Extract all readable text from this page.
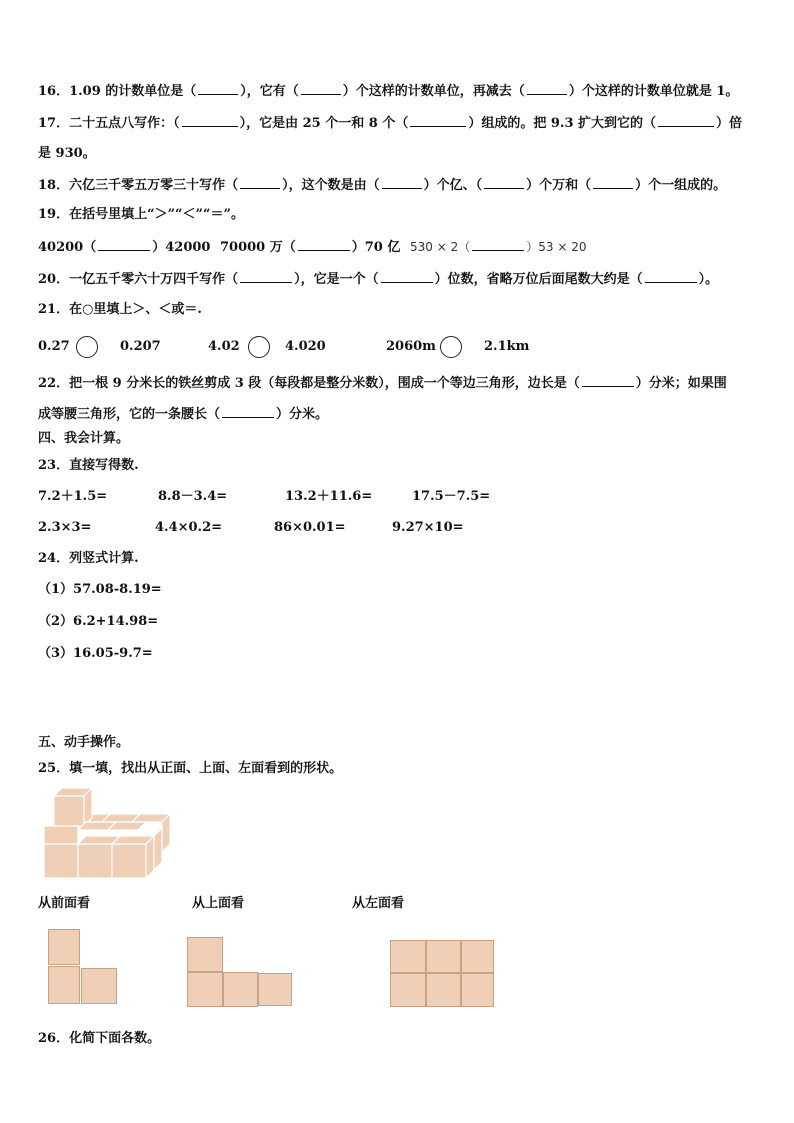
16．1.09 的计数单位是（	），它有（	）个这样的计数单位，再减去（	）个这样的计数单位就是 1。
17．二十五点八写作：（	），它是由 25 个一和 8 个（	）组成的。把 9.3 扩大到它的（	）倍
是 930。
18．六亿三千零五万零三十写作（	），这个数是由（	）个亿、（	）个万和（	）个一组成的。
19．在括号里填上“＞”“＜”“＝”。
40200（	）42000 70000 万（	）70 亿 530 × 2（	）53 × 20
20．一亿五千零六十万四千写作（	），它是一个（	）位数，省略万位后面尾数大约是（	）。
21．在○里填上＞、＜或＝.
0.27	0.207	4.02	4.020	2060m	2.1km
22．把一根 9 分米长的铁丝剪成 3 段（每段都是整分米数），围成一个等边三角形，边长是（	）分米；如果围
成等腰三角形，它的一条腰长（	）分米。
四、我会计算。
23．直接写得数.
7.2＋1.5=	8.8－3.4=	13.2＋11.6=	17.5－7.5=
2.3×3=	4.4×0.2=	86×0.01=	9.27×10=
24．列竖式计算.
（1）57.08-8.19=
（2）6.2+14.98=
（3）16.05-9.7=
五、动手操作。
25．填一填，找出从正面、上面、左面看到的形状。
从前面看	从上面看	从左面看
26．化简下面各数。
